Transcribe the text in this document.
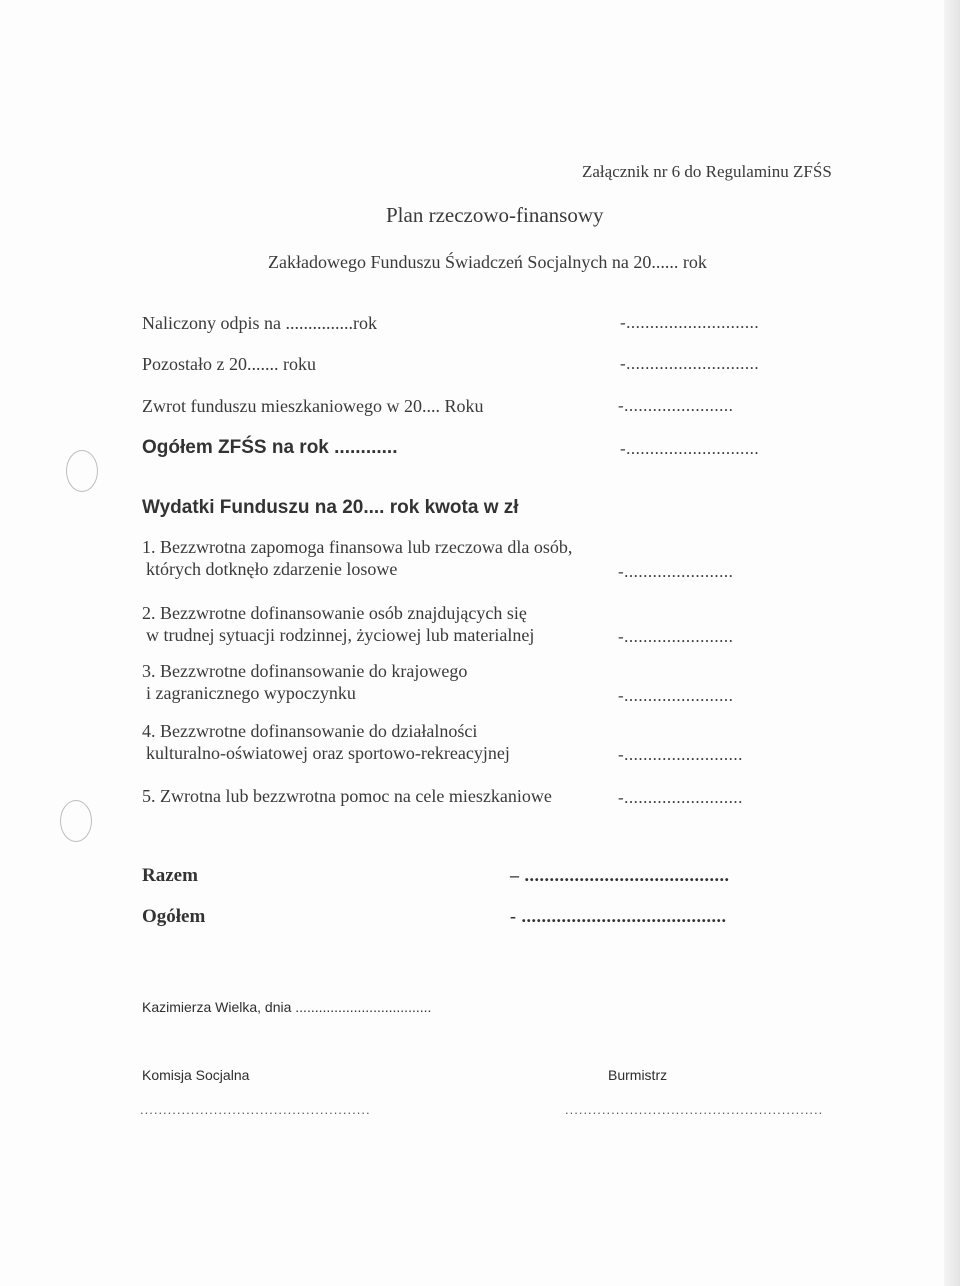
Załącznik nr 6 do Regulaminu ZFŚS
Plan rzeczowo-finansowy
Zakładowego Funduszu Świadczeń Socjalnych na 20...... rok
Naliczony odpis na ...............rok	-............................
Pozostało z 20....... roku	-............................
Zwrot funduszu mieszkaniowego w 20.... Roku	-.......................
Ogółem ZFŚS na rok ............	-............................
Wydatki Funduszu na 20.... rok kwota w zł
1. Bezzwrotna zapomoga finansowa lub rzeczowa dla osób,
których dotknęło zdarzenie losowe	-.......................
2. Bezzwrotne dofinansowanie osób znajdujących się
w trudnej sytuacji rodzinnej, życiowej lub materialnej	-.......................
3. Bezzwrotne dofinansowanie do krajowego
i zagranicznego wypoczynku	-.......................
4. Bezzwrotne dofinansowanie do działalności
kulturalno-oświatowej oraz sportowo-rekreacyjnej	-.........................
5. Zwrotna lub bezzwrotna pomoc na cele mieszkaniowe	-.........................
Razem	– .........................................
Ogółem	- .........................................
Kazimierza Wielka, dnia ...................................
Komisja Socjalna	Burmistrz
..................................................	........................................................
